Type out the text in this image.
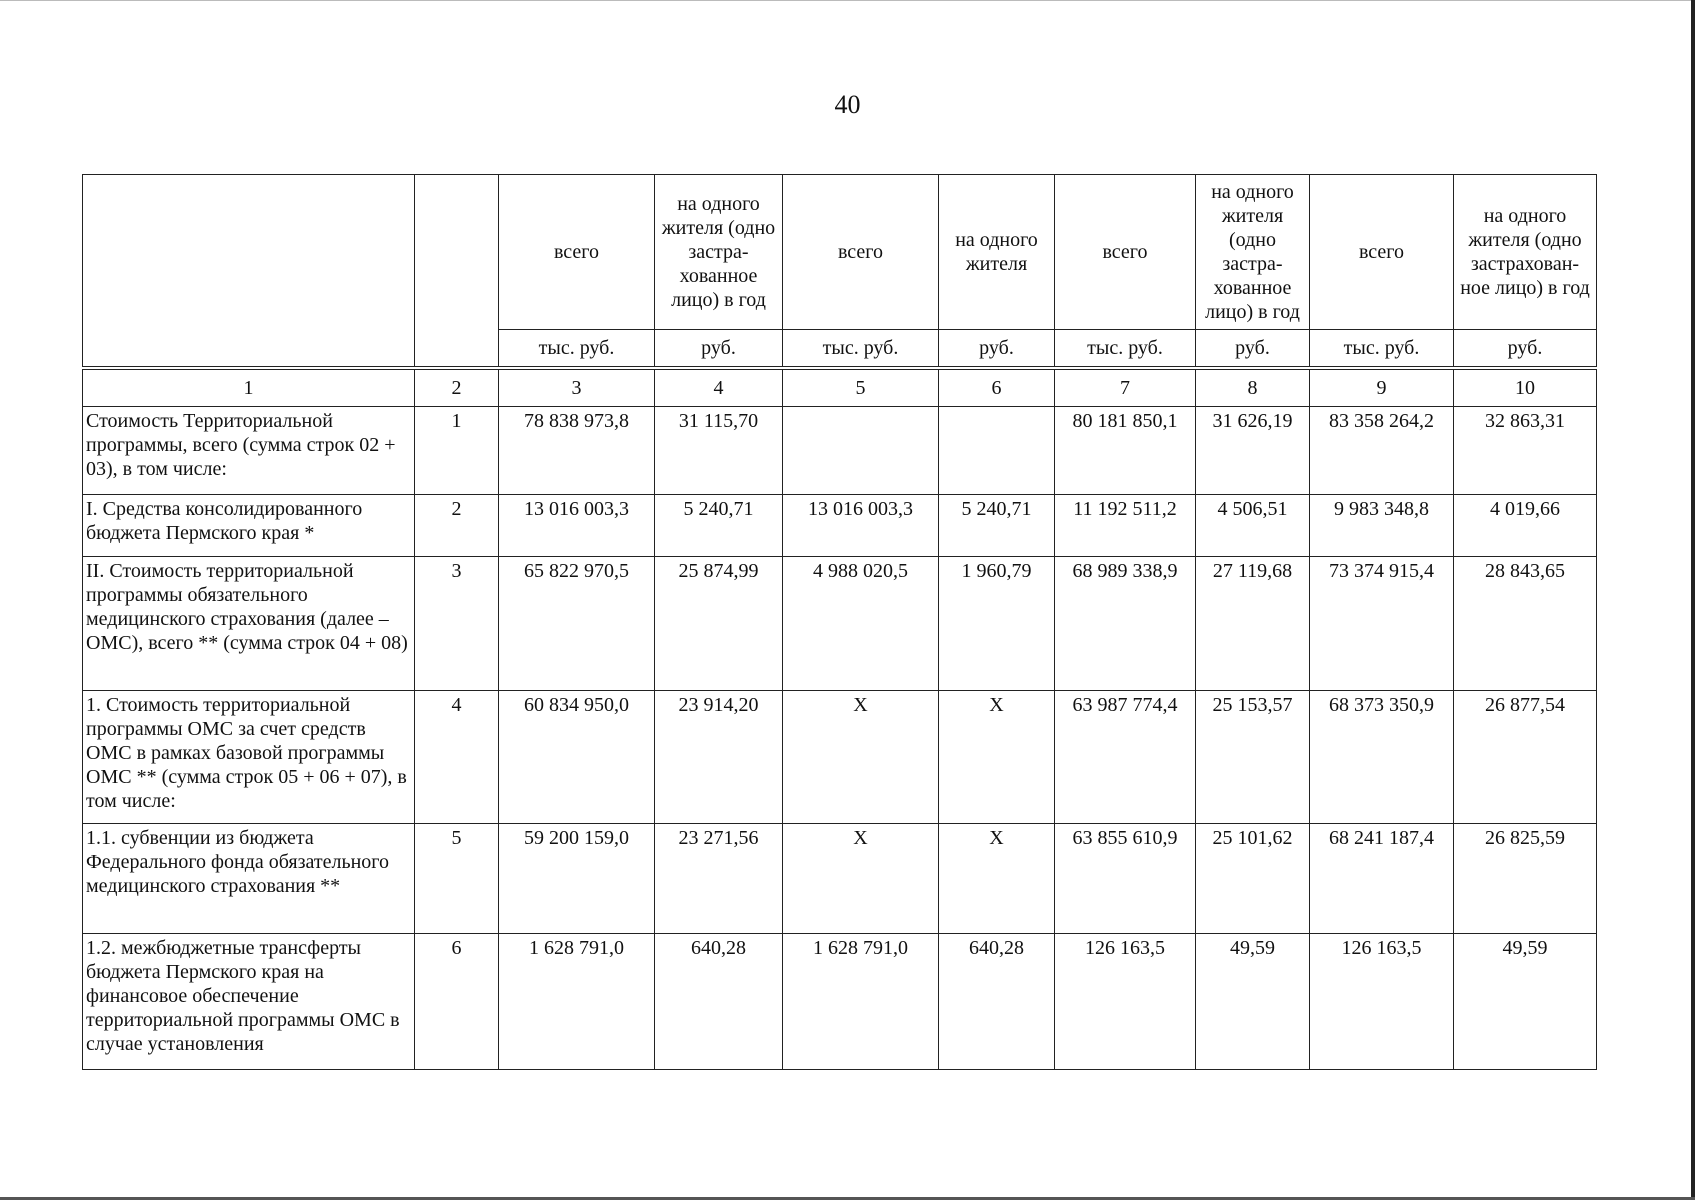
40
		всего	на одного жителя (одно застра-хованное лицо) в год	всего	на одного жителя	всего	на одного жителя (одно застра-хованное лицо) в год	всего	на одного жителя (одно застрахован-ное лицо) в год
		тыс. руб.	руб.	тыс. руб.	руб.	тыс. руб.	руб.	тыс. руб.	руб.
1	2	3	4	5	6	7	8	9	10
Стоимость Территориальной программы, всего (сумма строк 02 + 03), в том числе:	1	78 838 973,8	31 115,70			80 181 850,1	31 626,19	83 358 264,2	32 863,31
I. Средства консолидированного бюджета Пермского края *	2	13 016 003,3	5 240,71	13 016 003,3	5 240,71	11 192 511,2	4 506,51	9 983 348,8	4 019,66
II. Стоимость территориальной программы обязательного медицинского страхования (далее – ОМС), всего ** (сумма строк 04 + 08)	3	65 822 970,5	25 874,99	4 988 020,5	1 960,79	68 989 338,9	27 119,68	73 374 915,4	28 843,65
1. Стоимость территориальной программы ОМС за счет средств ОМС в рамках базовой программы ОМС ** (сумма строк 05 + 06 + 07), в том числе:	4	60 834 950,0	23 914,20	X	X	63 987 774,4	25 153,57	68 373 350,9	26 877,54
1.1. субвенции из бюджета Федерального фонда обязательного медицинского страхования **	5	59 200 159,0	23 271,56	X	X	63 855 610,9	25 101,62	68 241 187,4	26 825,59
1.2. межбюджетные трансферты бюджета Пермского края на финансовое обеспечение территориальной программы ОМС в случае установления	6	1 628 791,0	640,28	1 628 791,0	640,28	126 163,5	49,59	126 163,5	49,59
